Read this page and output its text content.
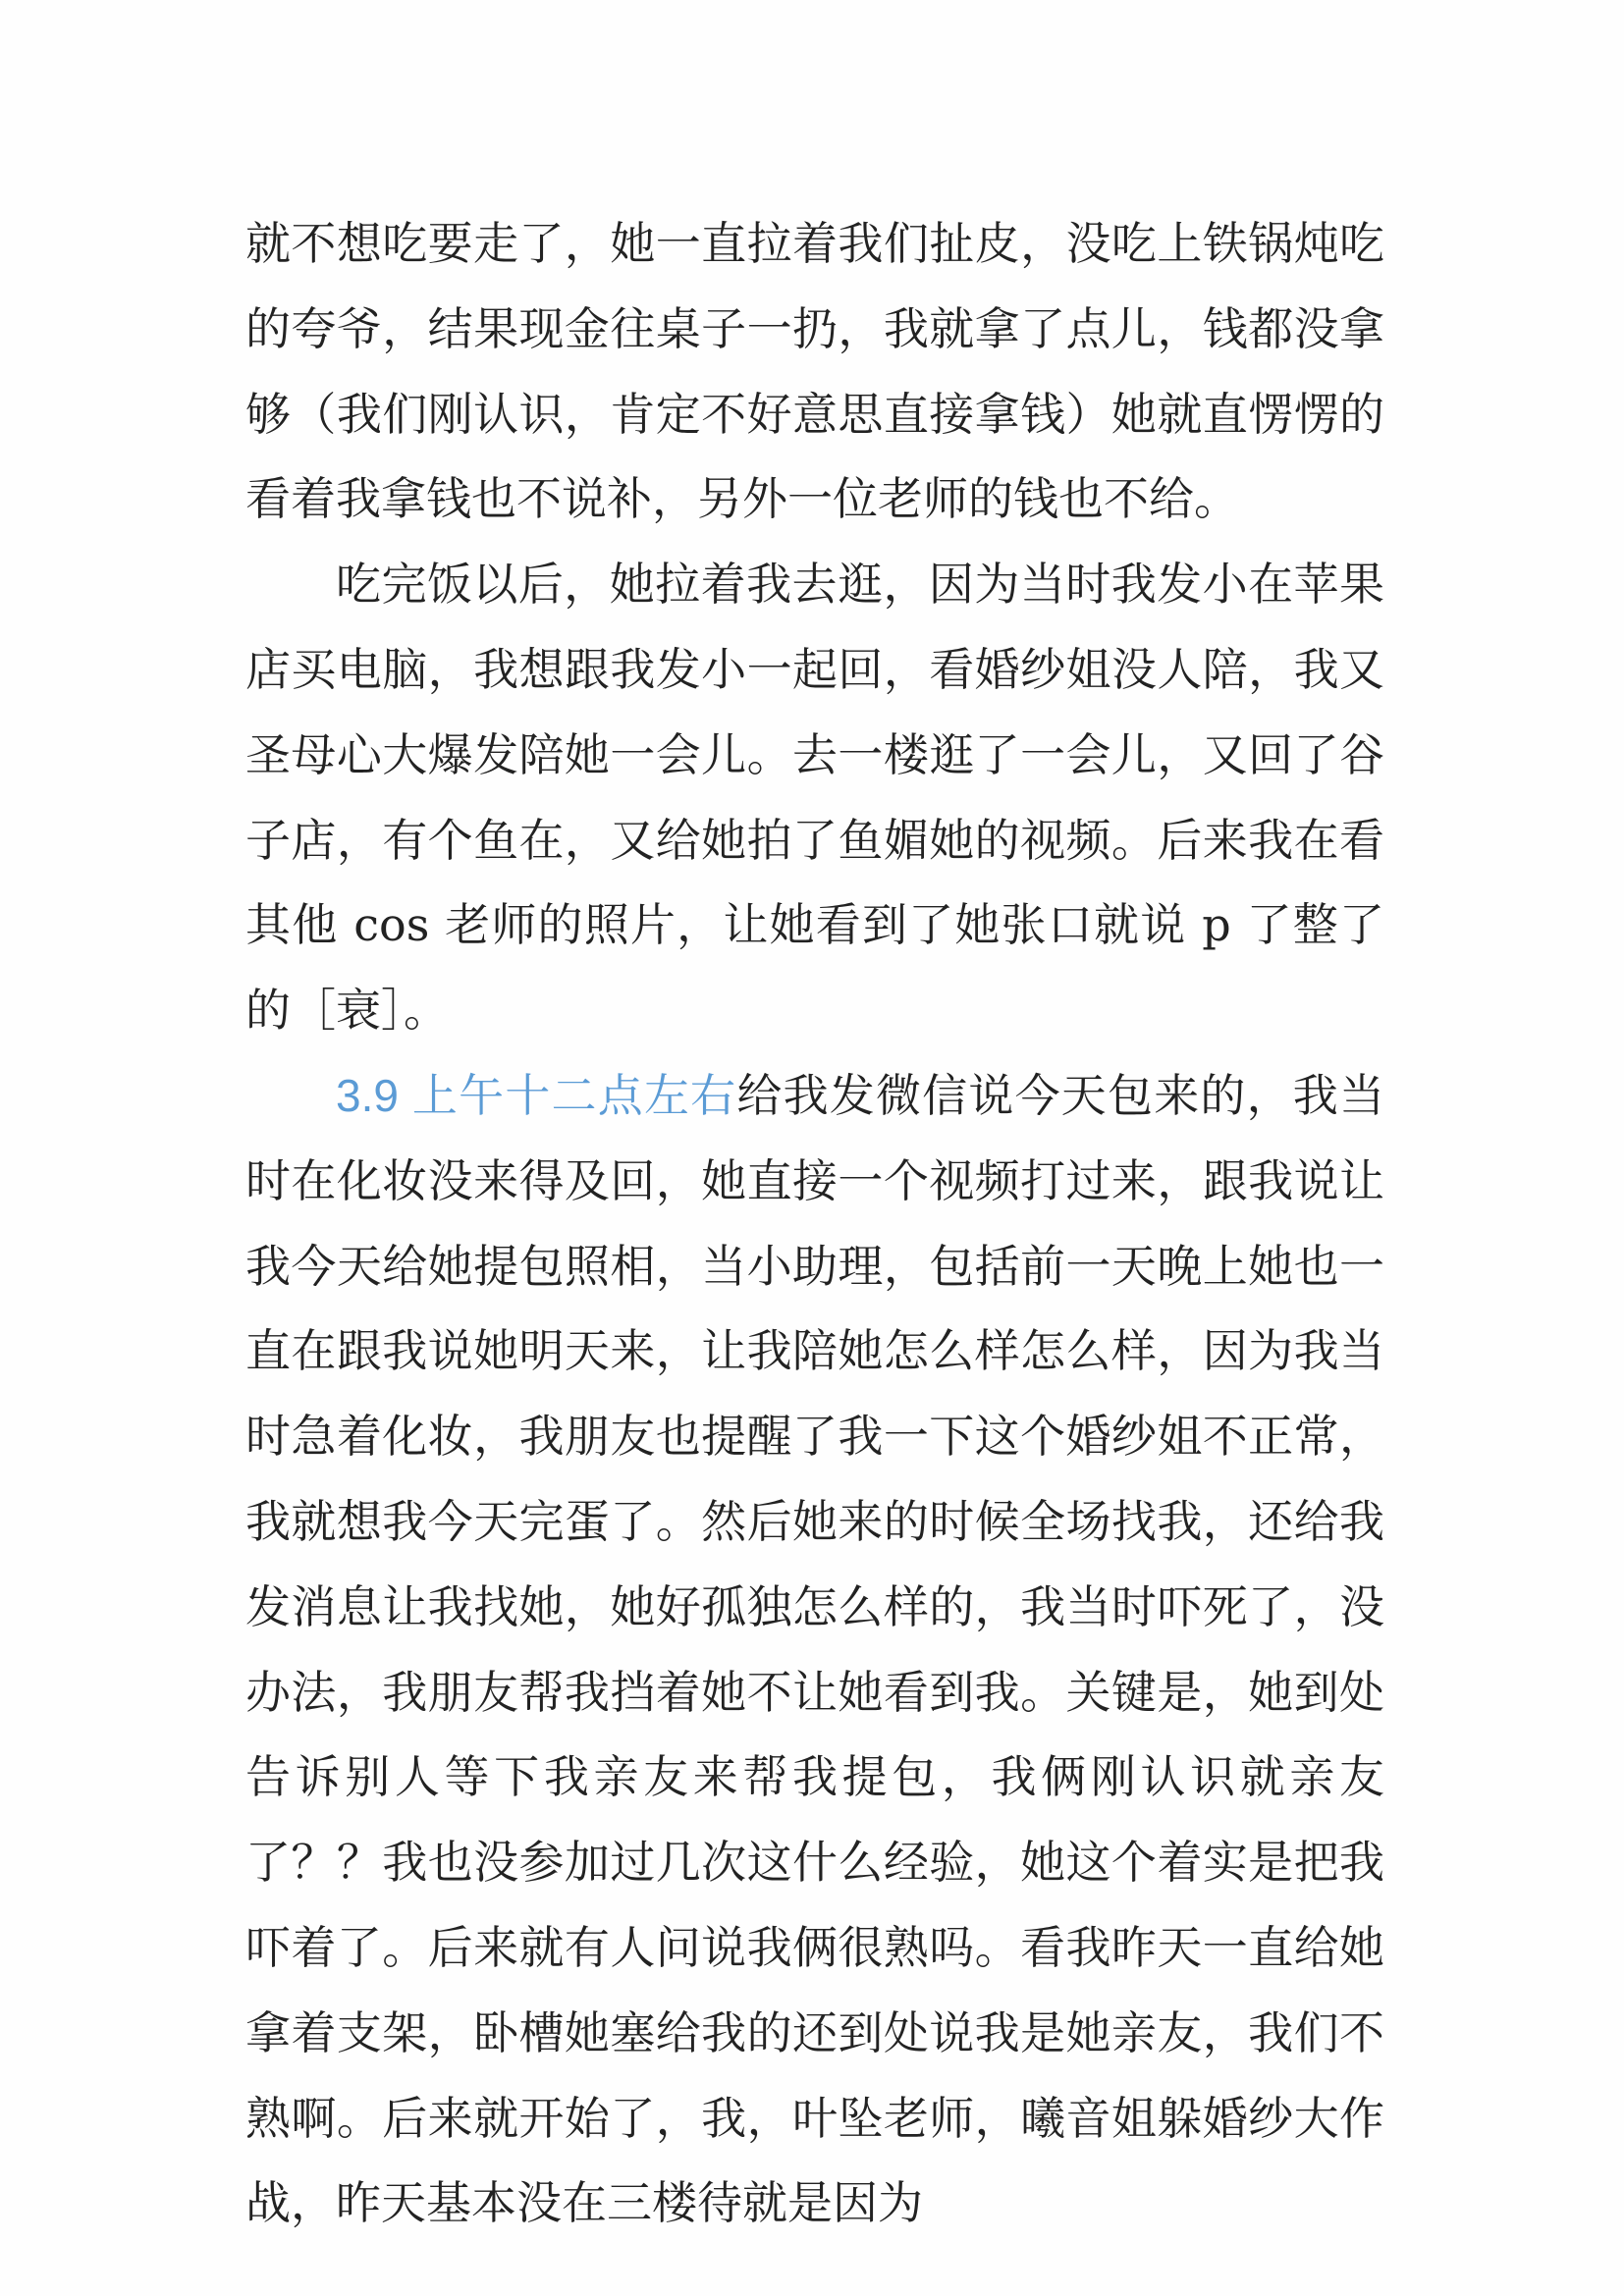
就不想吃要走了，她一直拉着我们扯皮，没吃上铁锅炖吃的夸爷，结果现金往桌子一扔，我就拿了点儿，钱都没拿够（我们刚认识，肯定不好意思直接拿钱）她就直愣愣的看着我拿钱也不说补，另外一位老师的钱也不给。

吃完饭以后，她拉着我去逛，因为当时我发小在苹果店买电脑，我想跟我发小一起回，看婚纱姐没人陪，我又圣母心大爆发陪她一会儿。去一楼逛了一会儿，又回了谷子店，有个鱼在，又给她拍了鱼媚她的视频。后来我在看其他 cos 老师的照片，让她看到了她张口就说 p 了整了的［衰］。

3.9 上午十二点左右给我发微信说今天包来的，我当时在化妆没来得及回，她直接一个视频打过来，跟我说让我今天给她提包照相，当小助理，包括前一天晚上她也一直在跟我说她明天来，让我陪她怎么样怎么样，因为我当时急着化妆，我朋友也提醒了我一下这个婚纱姐不正常，我就想我今天完蛋了。然后她来的时候全场找我，还给我发消息让我找她，她好孤独怎么样的，我当时吓死了，没办法，我朋友帮我挡着她不让她看到我。关键是，她到处告诉别人等下我亲友来帮我提包，我俩刚认识就亲友了？？我也没参加过几次这什么经验，她这个着实是把我吓着了。后来就有人问说我俩很熟吗。看我昨天一直给她拿着支架，卧槽她塞给我的还到处说我是她亲友，我们不熟啊。后来就开始了，我，叶坠老师，曦音姐躲婚纱大作战，昨天基本没在三楼待就是因为
